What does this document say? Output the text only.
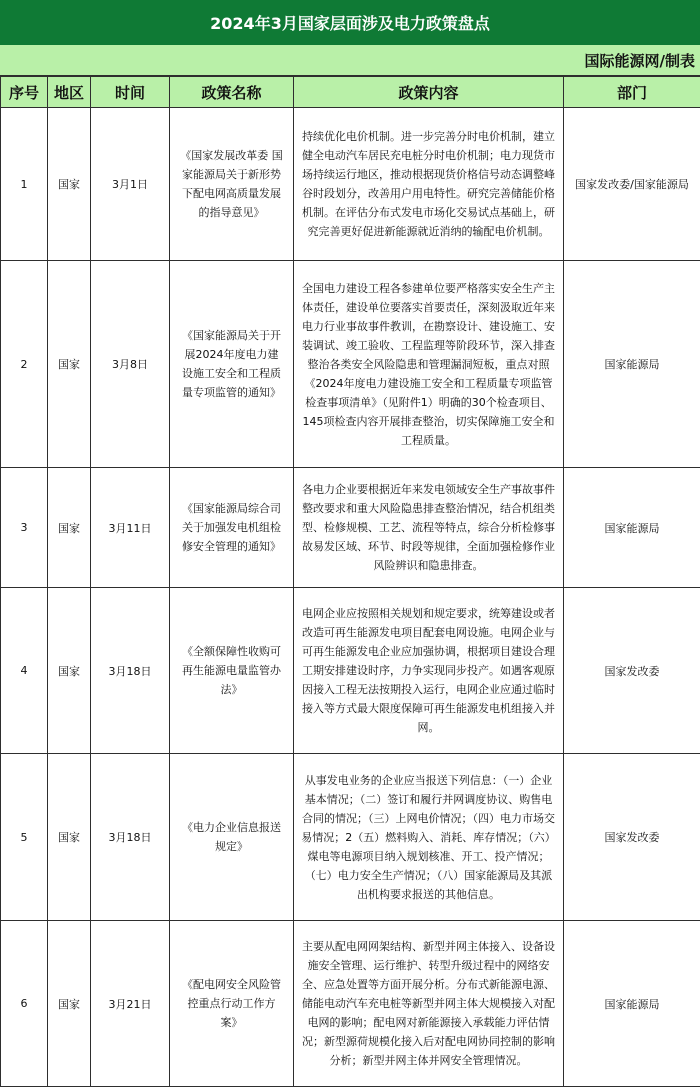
2024年3月国家层面涉及电力政策盘点
国际能源网/制表
序号	地区	时间	政策名称	政策内容	部门
1	国家	3月1日	《国家发展改革委 国家能源局关于新形势下配电网高质量发展的指导意见》	持续优化电价机制。进一步完善分时电价机制，建立健全电动汽车居民充电桩分时电价机制；电力现货市场持续运行地区，推动根据现货价格信号动态调整峰谷时段划分，改善用户用电特性。研究完善储能价格机制。在评估分布式发电市场化交易试点基础上，研究完善更好促进新能源就近消纳的输配电价机制。	国家发改委/国家能源局
2	国家	3月8日	《国家能源局关于开展2024年度电力建设施工安全和工程质量专项监管的通知》	全国电力建设工程各参建单位要严格落实安全生产主体责任，建设单位要落实首要责任，深刻汲取近年来电力行业事故事件教训，在勘察设计、建设施工、安装调试、竣工验收、工程监理等阶段环节，深入排查整治各类安全风险隐患和管理漏洞短板，重点对照《2024年度电力建设施工安全和工程质量专项监管检查事项清单》（见附件1）明确的30个检查项目、145项检查内容开展排查整治，切实保障施工安全和工程质量。	国家能源局
3	国家	3月11日	《国家能源局综合司关于加强发电机组检修安全管理的通知》	各电力企业要根据近年来发电领域安全生产事故事件整改要求和重大风险隐患排查整治情况，结合机组类型、检修规模、工艺、流程等特点，综合分析检修事故易发区域、环节、时段等规律，全面加强检修作业风险辨识和隐患排查。	国家能源局
4	国家	3月18日	《全额保障性收购可再生能源电量监管办法》	电网企业应按照相关规划和规定要求，统筹建设或者改造可再生能源发电项目配套电网设施。电网企业与可再生能源发电企业应加强协调，根据项目建设合理工期安排建设时序，力争实现同步投产。如遇客观原因接入工程无法按期投入运行，电网企业应通过临时接入等方式最大限度保障可再生能源发电机组接入并网。	国家发改委
5	国家	3月18日	《电力企业信息报送规定》	从事发电业务的企业应当报送下列信息：（一）企业基本情况；（二）签订和履行并网调度协议、购售电合同的情况；（三）上网电价情况；（四）电力市场交易情况；2（五）燃料购入、消耗、库存情况；（六）煤电等电源项目纳入规划核准、开工、投产情况；（七）电力安全生产情况；（八）国家能源局及其派出机构要求报送的其他信息。	国家发改委
6	国家	3月21日	《配电网安全风险管控重点行动工作方案》	主要从配电网网架结构、新型并网主体接入、设备设施安全管理、运行维护、转型升级过程中的网络安全、应急处置等方面开展分析。分布式新能源电源、储能电动汽车充电桩等新型并网主体大规模接入对配电网的影响；配电网对新能源接入承载能力评估情况；新型源荷规模化接入后对配电网协同控制的影响分析；新型并网主体并网安全管理情况。	国家能源局
